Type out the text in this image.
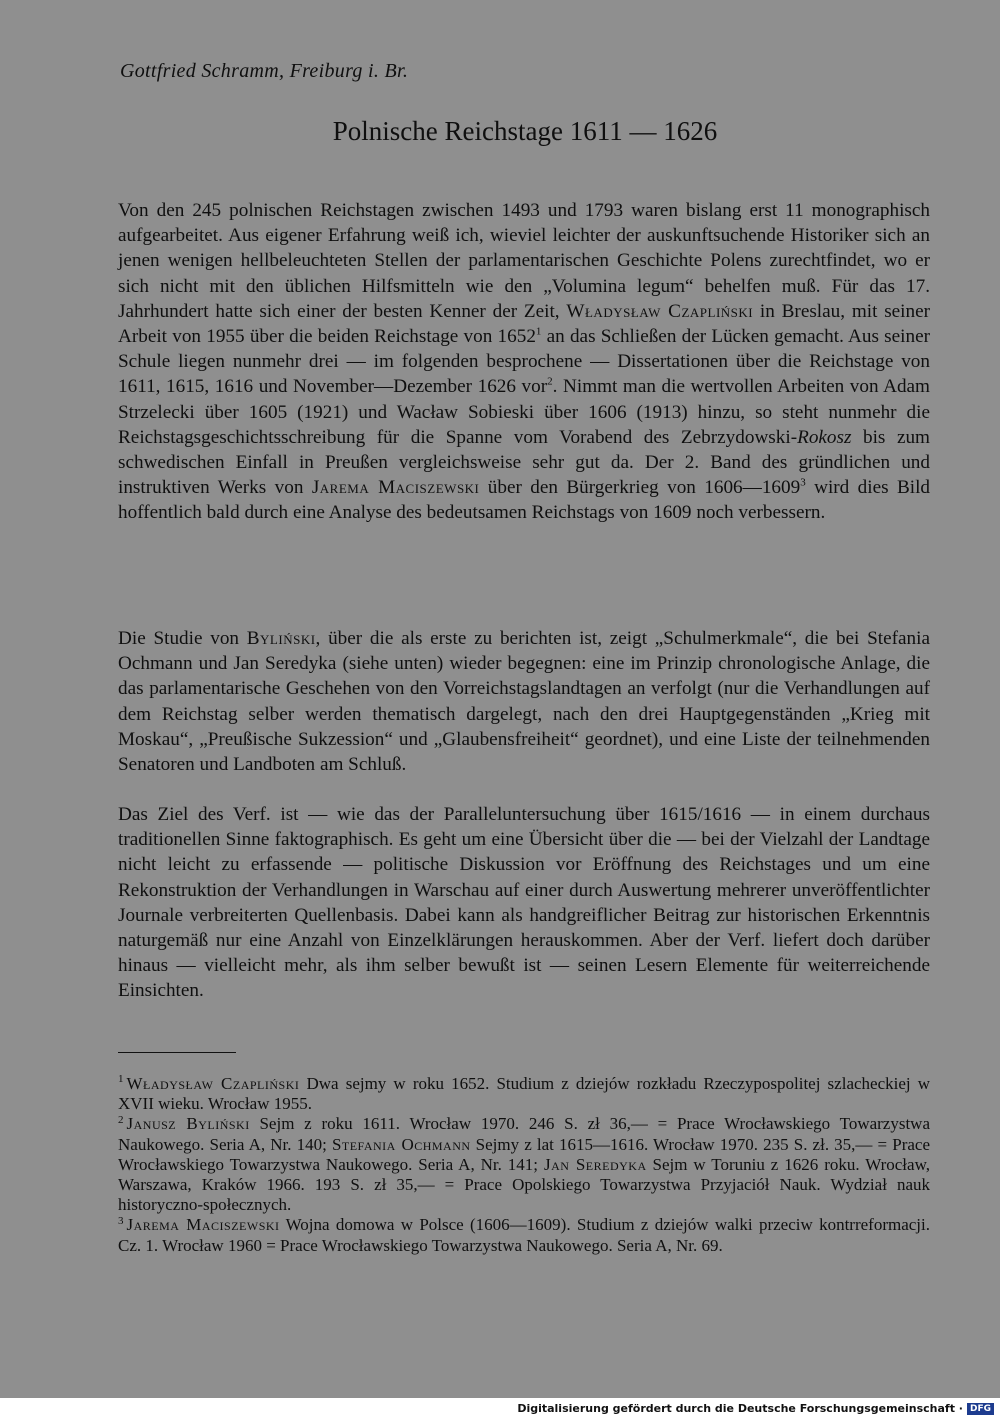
Gottfried Schramm, Freiburg i. Br.
Polnische Reichstage 1611 — 1626

Von den 245 polnischen Reichstagen zwischen 1493 und 1793 waren bislang erst 11 monographisch aufgearbeitet. Aus eigener Erfahrung weiß ich, wieviel leichter der auskunftsuchende Historiker sich an jenen wenigen hellbeleuchteten Stellen der parlamentarischen Geschichte Polens zurechtfindet, wo er sich nicht mit den üblichen Hilfsmitteln wie den „Volumina legum“ behelfen muß. Für das 17. Jahrhundert hatte sich einer der besten Kenner der Zeit, Władysław Czapliński in Breslau, mit seiner Arbeit von 1955 über die beiden Reichstage von 1652$^1$ an das Schließen der Lücken gemacht. Aus seiner Schule liegen nunmehr drei — im folgenden besprochene — Dissertationen über die Reichstage von 1611, 1615, 1616 und November—Dezember 1626 vor$^2$. Nimmt man die wertvollen Arbeiten von Adam Strzelecki über 1605 (1921) und Wacław Sobieski über 1606 (1913) hinzu, so steht nunmehr die Reichstagsgeschichtsschreibung für die Spanne vom Vorabend des Zebrzydowski-Rokosz bis zum schwedischen Einfall in Preußen vergleichsweise sehr gut da. Der 2. Band des gründlichen und instruktiven Werks von Jarema Maciszewski über den Bürgerkrieg von 1606—1609$^3$ wird dies Bild hoffentlich bald durch eine Analyse des bedeutsamen Reichstags von 1609 noch verbessern.

Die Studie von Byliński, über die als erste zu berichten ist, zeigt „Schulmerkmale“, die bei Stefania Ochmann und Jan Seredyka (siehe unten) wieder begegnen: eine im Prinzip chronologische Anlage, die das parlamentarische Geschehen von den Vorreichstagslandtagen an verfolgt (nur die Verhandlungen auf dem Reichstag selber werden thematisch dargelegt, nach den drei Hauptgegenständen „Krieg mit Moskau“, „Preußische Sukzession“ und „Glaubensfreiheit“ geordnet), und eine Liste der teilnehmenden Senatoren und Landboten am Schluß.

Das Ziel des Verf. ist — wie das der Paralleluntersuchung über 1615/1616 — in einem durchaus traditionellen Sinne faktographisch. Es geht um eine Übersicht über die — bei der Vielzahl der Landtage nicht leicht zu erfassende — politische Diskussion vor Eröffnung des Reichstages und um eine Rekonstruktion der Verhandlungen in Warschau auf einer durch Auswertung mehrerer unveröffentlichter Journale verbreiterten Quellenbasis. Dabei kann als handgreiflicher Beitrag zur historischen Erkenntnis naturgemäß nur eine Anzahl von Einzelklärungen herauskommen. Aber der Verf. liefert doch darüber hinaus — vielleicht mehr, als ihm selber bewußt ist — seinen Lesern Elemente für weiterreichende Einsichten.

$^1$ Władysław Czapliński Dwa sejmy w roku 1652. Studium z dziejów rozkładu Rzeczypospolitej szlacheckiej w XVII wieku. Wrocław 1955.

$^2$ Janusz Byliński Sejm z roku 1611. Wrocław 1970. 246 S. zł 36,— = Prace Wrocławskiego Towarzystwa Naukowego. Seria A, Nr. 140; Stefania Ochmann Sejmy z lat 1615—1616. Wrocław 1970. 235 S. zł. 35,— = Prace Wrocławskiego Towarzystwa Naukowego. Seria A, Nr. 141; Jan Seredyka Sejm w Toruniu z 1626 roku. Wrocław, Warszawa, Kraków 1966. 193 S. zł 35,— = Prace Opolskiego Towarzystwa Przyjaciół Nauk. Wydział nauk historyczno-społecznych.

$^3$ Jarema Maciszewski Wojna domowa w Polsce (1606—1609). Studium z dziejów walki przeciw kontrreformacji. Cz. 1. Wrocław 1960 = Prace Wrocławskiego Towarzystwa Naukowego. Seria A, Nr. 69.

Digitalisierung gefördert durch die Deutsche Forschungsgemeinschaft · DFG
